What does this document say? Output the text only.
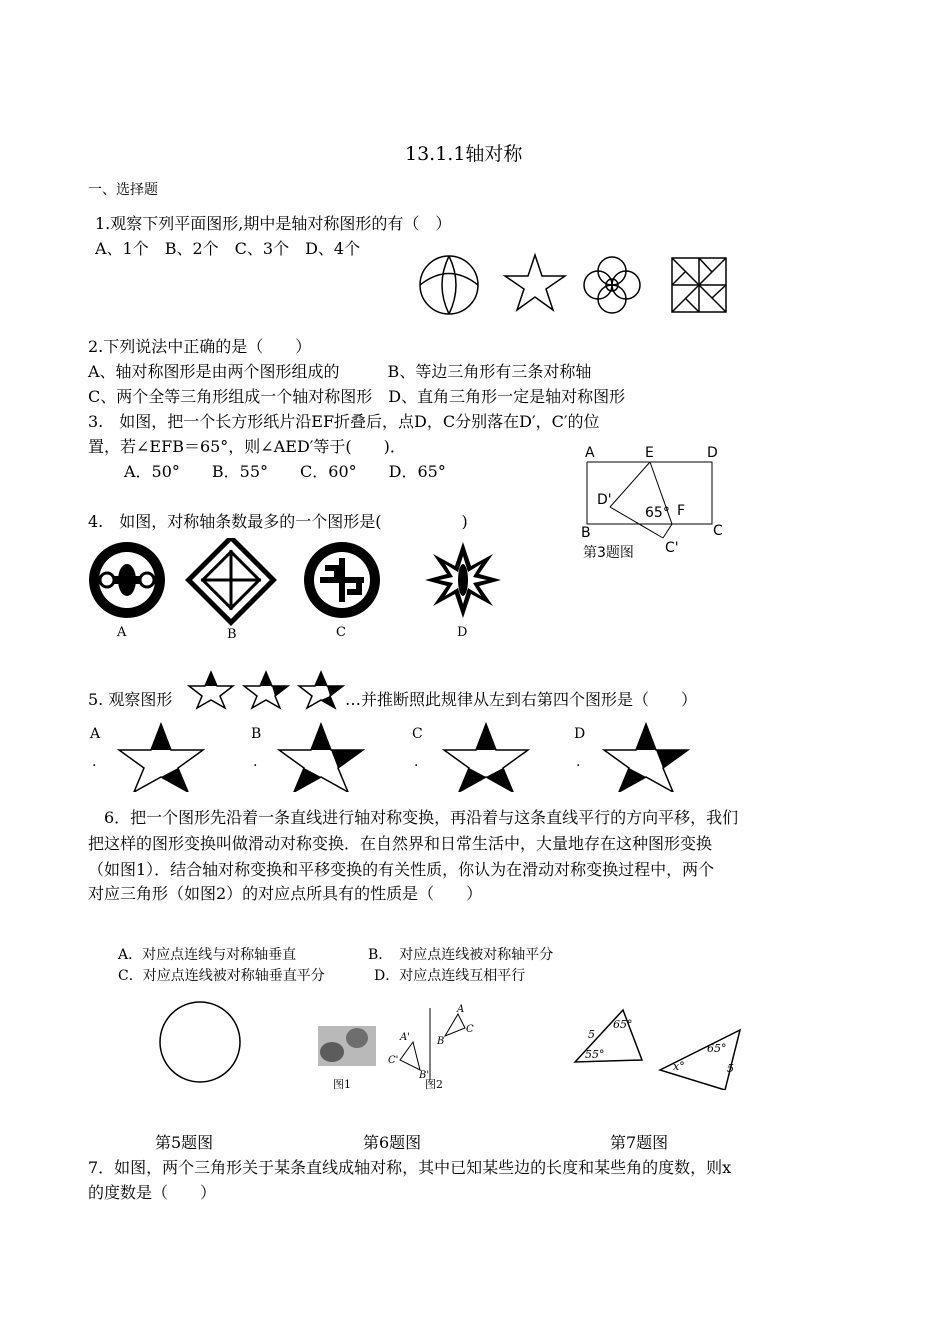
13.1.1轴对称
一、选择题
1.观察下列平面图形,期中是轴对称图形的有（　）
A、1个　B、2个　C、3个　D、4个
2.下列说法中正确的是（　　）
A、轴对称图形是由两个图形组成的　　　B、等边三角形有三条对称轴
C、两个全等三角形组成一个轴对称图形　D、直角三角形一定是轴对称图形
3.　如图，把一个长方形纸片沿EF折叠后，点D，C分别落在D′，C′的位
置，若∠EFB＝65°，则∠AED′等于(　　)．
A．50°　　B．55°　　C．60°　　D．65°
A	E	D
D'
65° F
B	C
C'
第3题图
4.　如图，对称轴条数最多的一个图形是(　　　　　)
A	B	C	D
5. 观察图形	…并推断照此规律从左到右第四个图形是（　　）
A
.
B
.
C
.
D
.
6．把一个图形先沿着一条直线进行轴对称变换，再沿着与这条直线平行的方向平移，我们
把这样的图形变换叫做滑动对称变换．在自然界和日常生活中，大量地存在这种图形变换
（如图1）．结合轴对称变换和平移变换的有关性质，你认为在滑动对称变换过程中，两个
对应三角形（如图2）的对应点所具有的性质是（　　）
A．对应点连线与对称轴垂直	B．　对应点连线被对称轴平分
C．对应点连线被对称轴垂直平分	D．对应点连线互相平行
图1
A
B
C
A'
B'
C'
图2
65°
5
55°	65°
5
x°
第5题图	第6题图	第7题图
7．如图，两个三角形关于某条直线成轴对称，其中已知某些边的长度和某些角的度数，则x
的度数是（　　）
